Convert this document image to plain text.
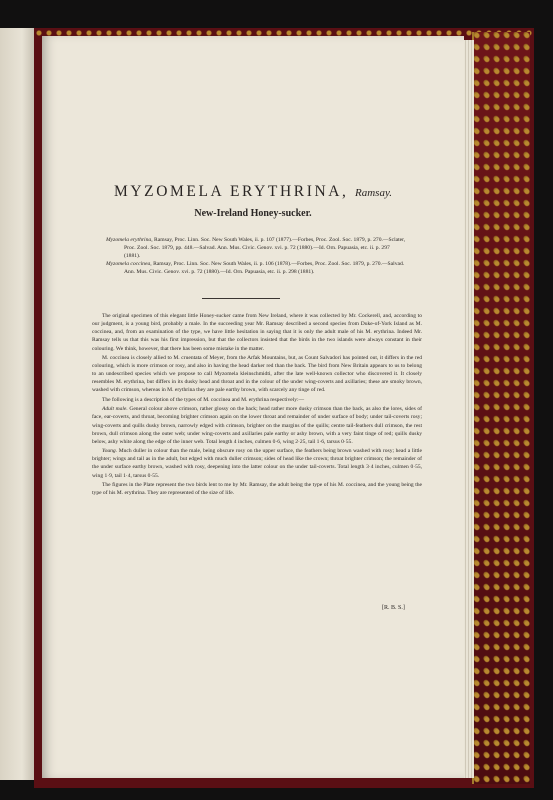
MYZOMELA ERYTHRINA, Ramsay.
New-Ireland Honey-sucker.
Myzomela erythrina, Ramsay, Proc. Linn. Soc. New South Wales, ii. p. 107 (1877).—Forbes, Proc. Zool. Soc. 1879, p. 270.—Sclater, Proc. Zool. Soc. 1879, pp. 448.—Salvad. Ann. Mus. Civic. Genov. xvi. p. 72 (1880).—Id. Orn. Papuasia, etc. ii. p. 297 (1881).
Myzomela coccinea, Ramsay, Proc. Linn. Soc. New South Wales, ii. p. 106 (1878).—Forbes, Proc. Zool. Soc. 1879, p. 270.—Salvad. Ann. Mus. Civic. Genov. xvi. p. 72 (1880).—Id. Orn. Papuasia, etc. ii. p. 298 (1881).

The original specimen of this elegant little Honey-sucker came from New Ireland, where it was collected by Mr. Cockerell, and, according to our judgment, is a young bird, probably a male. In the succeeding year Mr. Ramsay described a second species from Duke-of-York Island as M. coccinea, and, from an examination of the type, we have little hesitation in saying that it is only the adult male of his M. erythrina. Indeed Mr. Ramsay tells us that this was his first impression, but that the collectors insisted that the birds in the two islands were always constant in their colouring. We think, however, that there has been some mistake in the matter.

M. coccinea is closely allied to M. cruentata of Meyer, from the Arfak Mountains, but, as Count Salvadori has pointed out, it differs in the red colouring, which is more crimson or rosy, and also in having the head darker red than the back. The bird from New Britain appears to us to belong to an undescribed species which we propose to call Myzomela kleinschmidti, after the late well-known collector who discovered it. It closely resembles M. erythrina, but differs in its dusky head and throat and in the colour of the under wing-coverts and axillaries; these are smoky brown, washed with crimson, whereas in M. erythrina they are pale earthy brown, with scarcely any tinge of red.

The following is a description of the types of M. coccinea and M. erythrina respectively:—

Adult male. General colour above crimson, rather glossy on the back; head rather more dusky crimson than the back, as also the lores, sides of face, ear-coverts, and throat, becoming brighter crimson again on the lower throat and remainder of under surface of body; under tail-coverts rosy; wing-coverts and quills dusky brown, narrowly edged with crimson, brighter on the margins of the quills; centre tail-feathers dull crimson, the rest brown, dull crimson along the outer web; under wing-coverts and axillaries pale earthy or ashy brown, with a very faint tinge of red; quills dusky below, ashy white along the edge of the inner web. Total length 4 inches, culmen 0·6, wing 2·25, tail 1·6, tarsus 0·55.

Young. Much duller in colour than the male, being obscure rosy on the upper surface, the feathers being brown washed with rosy; head a little brighter; wings and tail as in the adult, but edged with much duller crimson; sides of head like the crown; throat brighter crimson; the remainder of the under surface earthy brown, washed with rosy, deepening into the latter colour on the under tail-coverts. Total length 3·4 inches, culmen 0·55, wing 1·9, tail 1·4, tarsus 0·55.

The figures in the Plate represent the two birds lent to me by Mr. Ramsay, the adult being the type of his M. coccinea, and the young being the type of his M. erythrina. They are represented of the size of life.

[R. B. S.]
